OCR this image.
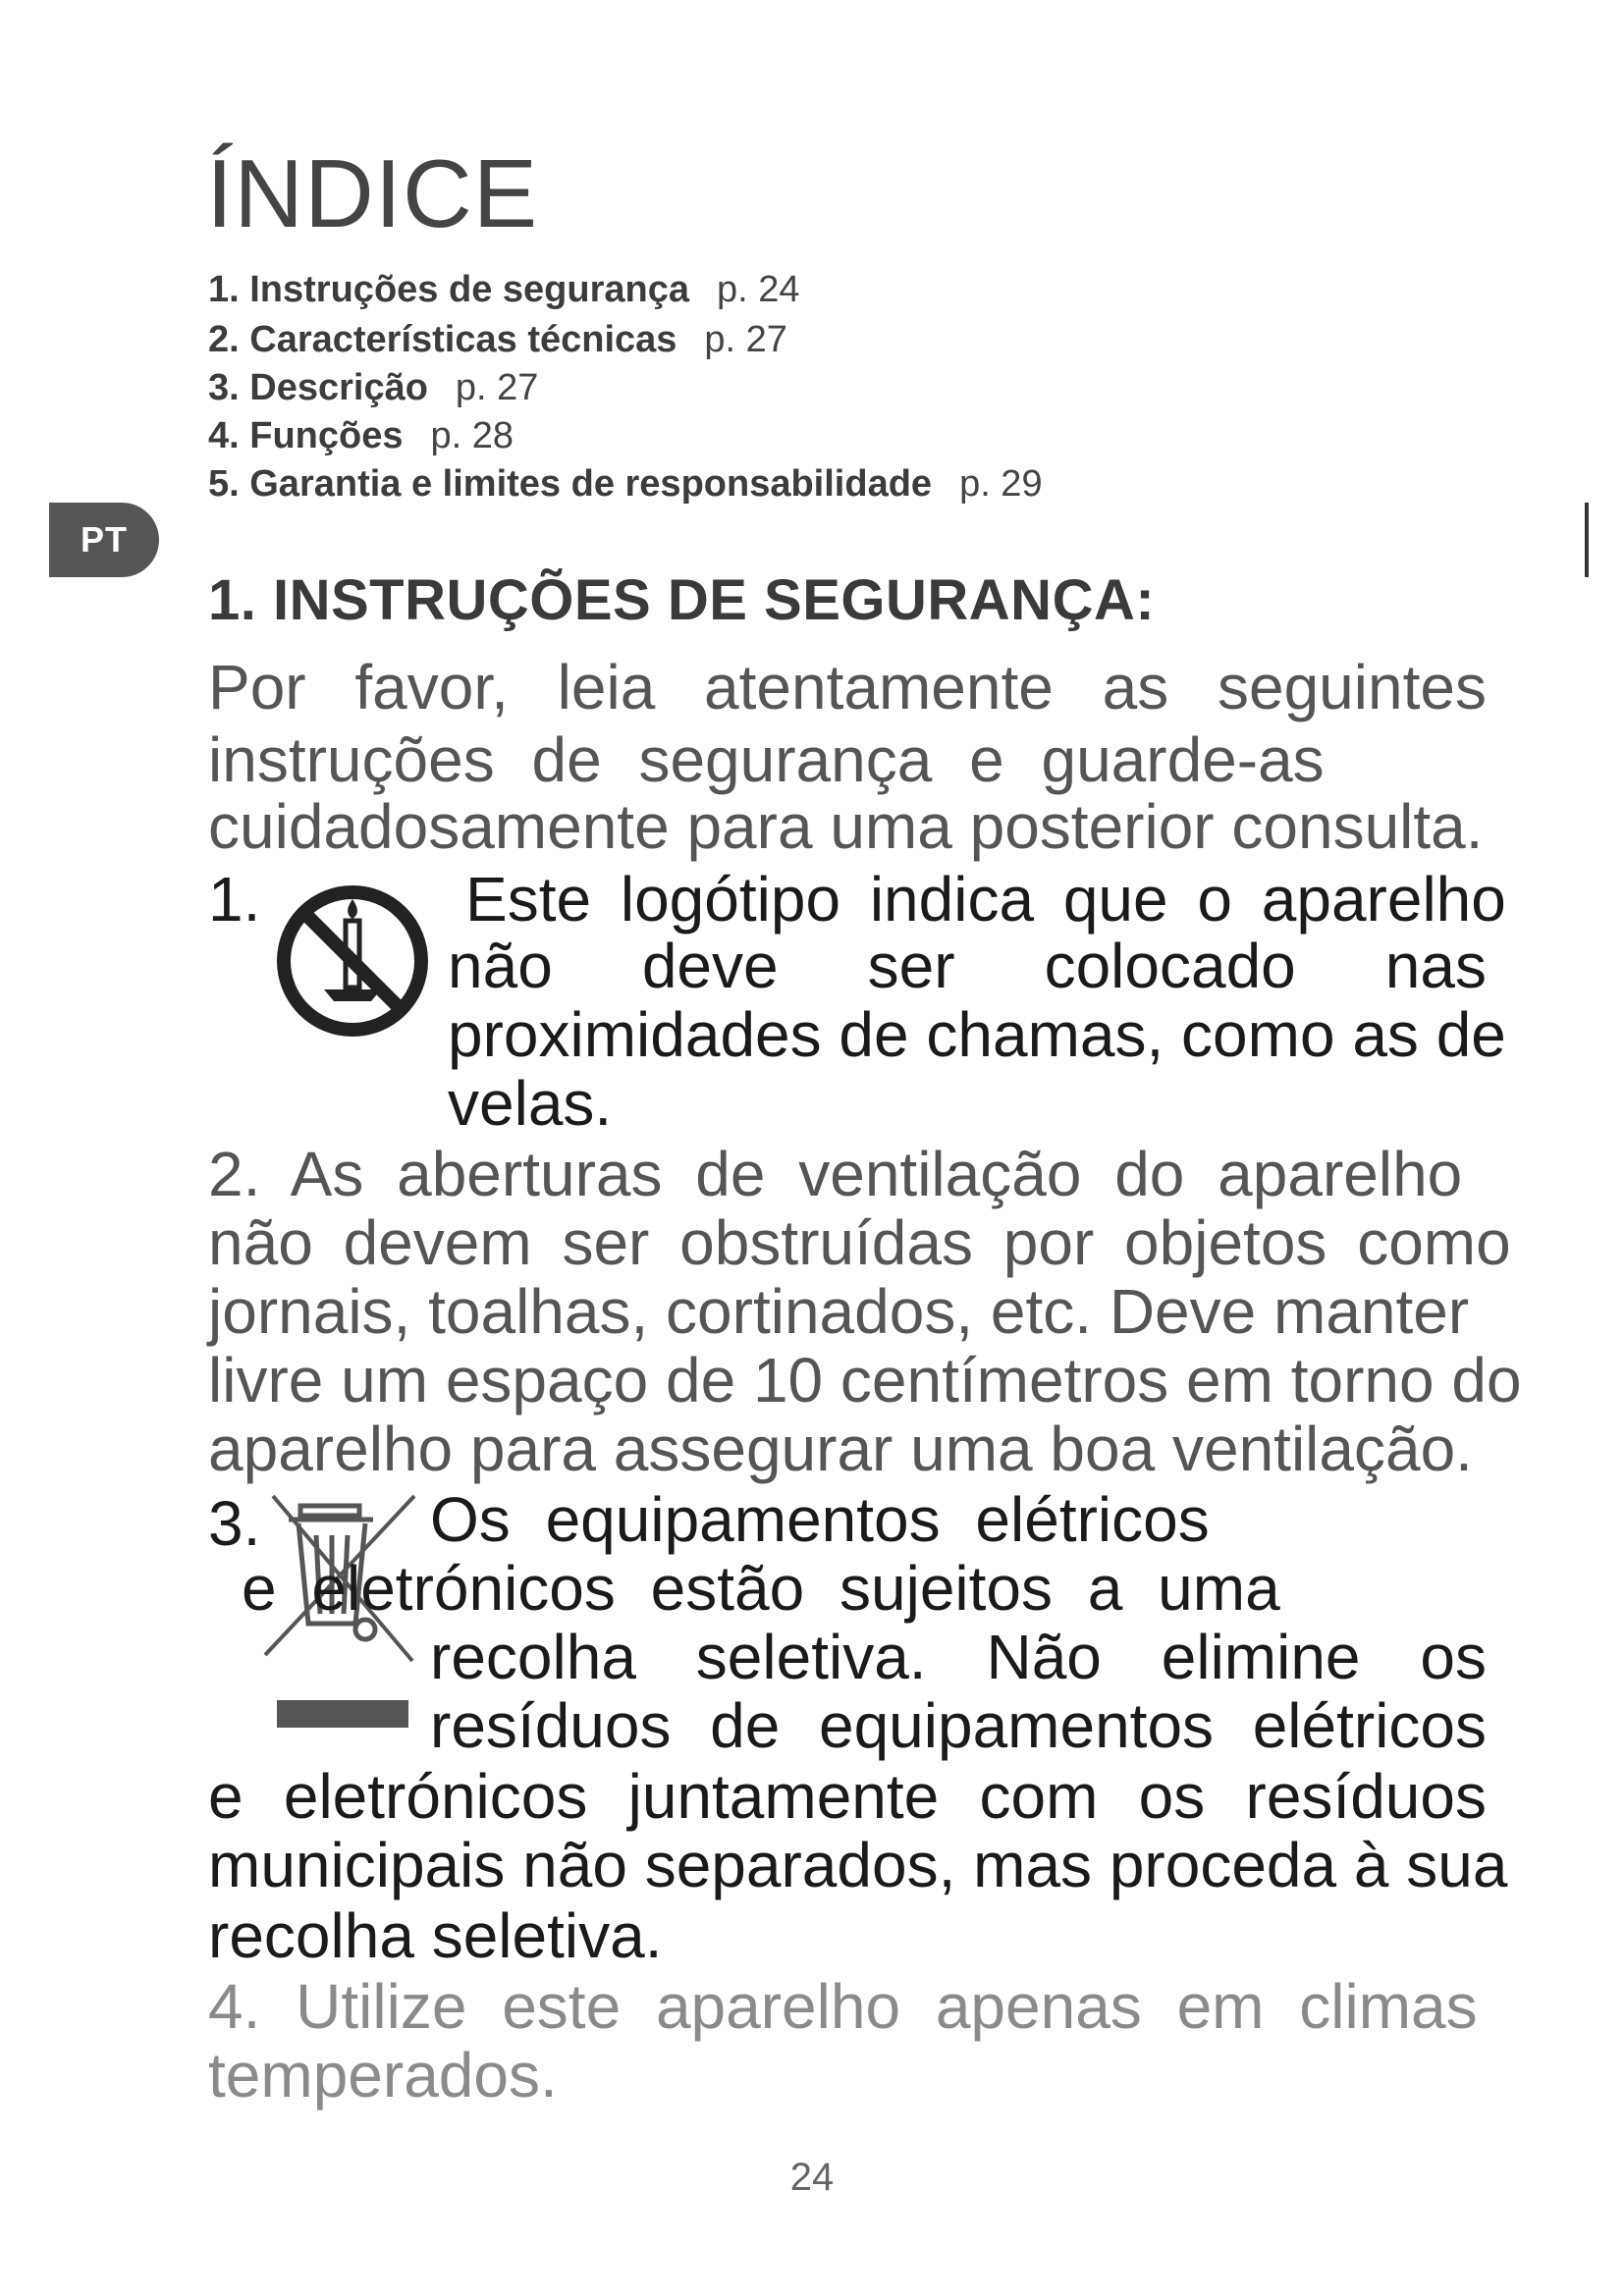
ÍNDICE
1. Instruções de segurança p. 24
2. Características técnicas p. 27
3. Descrição p. 27
4. Funções p. 28
5. Garantia e limites de responsabilidade p. 29
PT
1. INSTRUÇÕES DE SEGURANÇA:
Por favor, leia atentamente as seguintes
instruções de segurança e guarde-as
cuidadosamente para uma posterior consulta.
1.	Este logótipo indica que o aparelho
não deve ser colocado nas
proximidades de chamas, como as de
velas.
2. As aberturas de ventilação do aparelho
não devem ser obstruídas por objetos como
jornais, toalhas, cortinados, etc. Deve manter
livre um espaço de 10 centímetros em torno do
aparelho para assegurar uma boa ventilação.
3.	Os equipamentos elétricos
e eletrónicos estão sujeitos a uma
recolha seletiva. Não elimine os
resíduos de equipamentos elétricos
e eletrónicos juntamente com os resíduos
municipais não separados, mas proceda à sua
recolha seletiva.
4. Utilize este aparelho apenas em climas
temperados.
24
